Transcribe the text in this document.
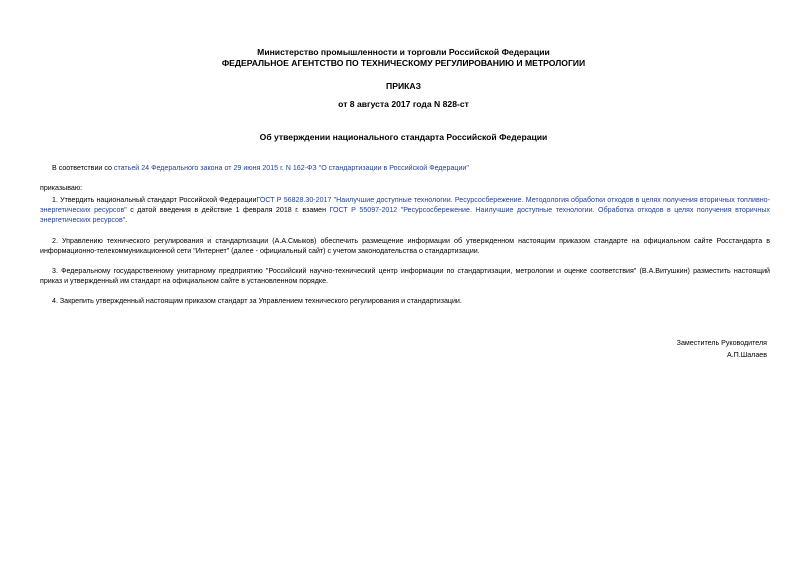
Министерство промышленности и торговли Российской Федерации
ФЕДЕРАЛЬНОЕ АГЕНТСТВО ПО ТЕХНИЧЕСКОМУ РЕГУЛИРОВАНИЮ И МЕТРОЛОГИИ
ПРИКАЗ
от 8 августа 2017 года N 828-ст
Об утверждении национального стандарта Российской Федерации
В соответствии со статьей 24 Федерального закона от 29 июня 2015 г. N 162-ФЗ "О стандартизации в Российской Федерации"
приказываю:
1. Утвердить национальный стандарт Российской ФедерацииГОСТ Р 56828.30-2017 "Наилучшие доступные технологии. Ресурсосбережение. Методология обработки отходов в целях получения вторичных топливно-энергетических ресурсов" с датой введения в действие 1 февраля 2018 г. взамен ГОСТ Р 55097-2012 "Ресурсосбережение. Наилучшие доступные технологии. Обработка отходов в целях получения вторичных энергетических ресурсов".
2. Управлению технического регулирования и стандартизации (А.А.Смыков) обеспечить размещение информации об утвержденном настоящим приказом стандарте на официальном сайте Росстандарта в информационно-телекоммуникационной сети "Интернет" (далее - официальный сайт) с учетом законодательства о стандартизации.
3. Федеральному государственному унитарному предприятию "Российский научно-технический центр информации по стандартизации, метрологии и оценке соответствия" (В.А.Витушкин) разместить настоящий приказ и утвержденный им стандарт на официальном сайте в установленном порядке.
4. Закрепить утвержденный настоящим приказом стандарт за Управлением технического регулирования и стандартизации.
Заместитель Руководителя
А.П.Шалаев
